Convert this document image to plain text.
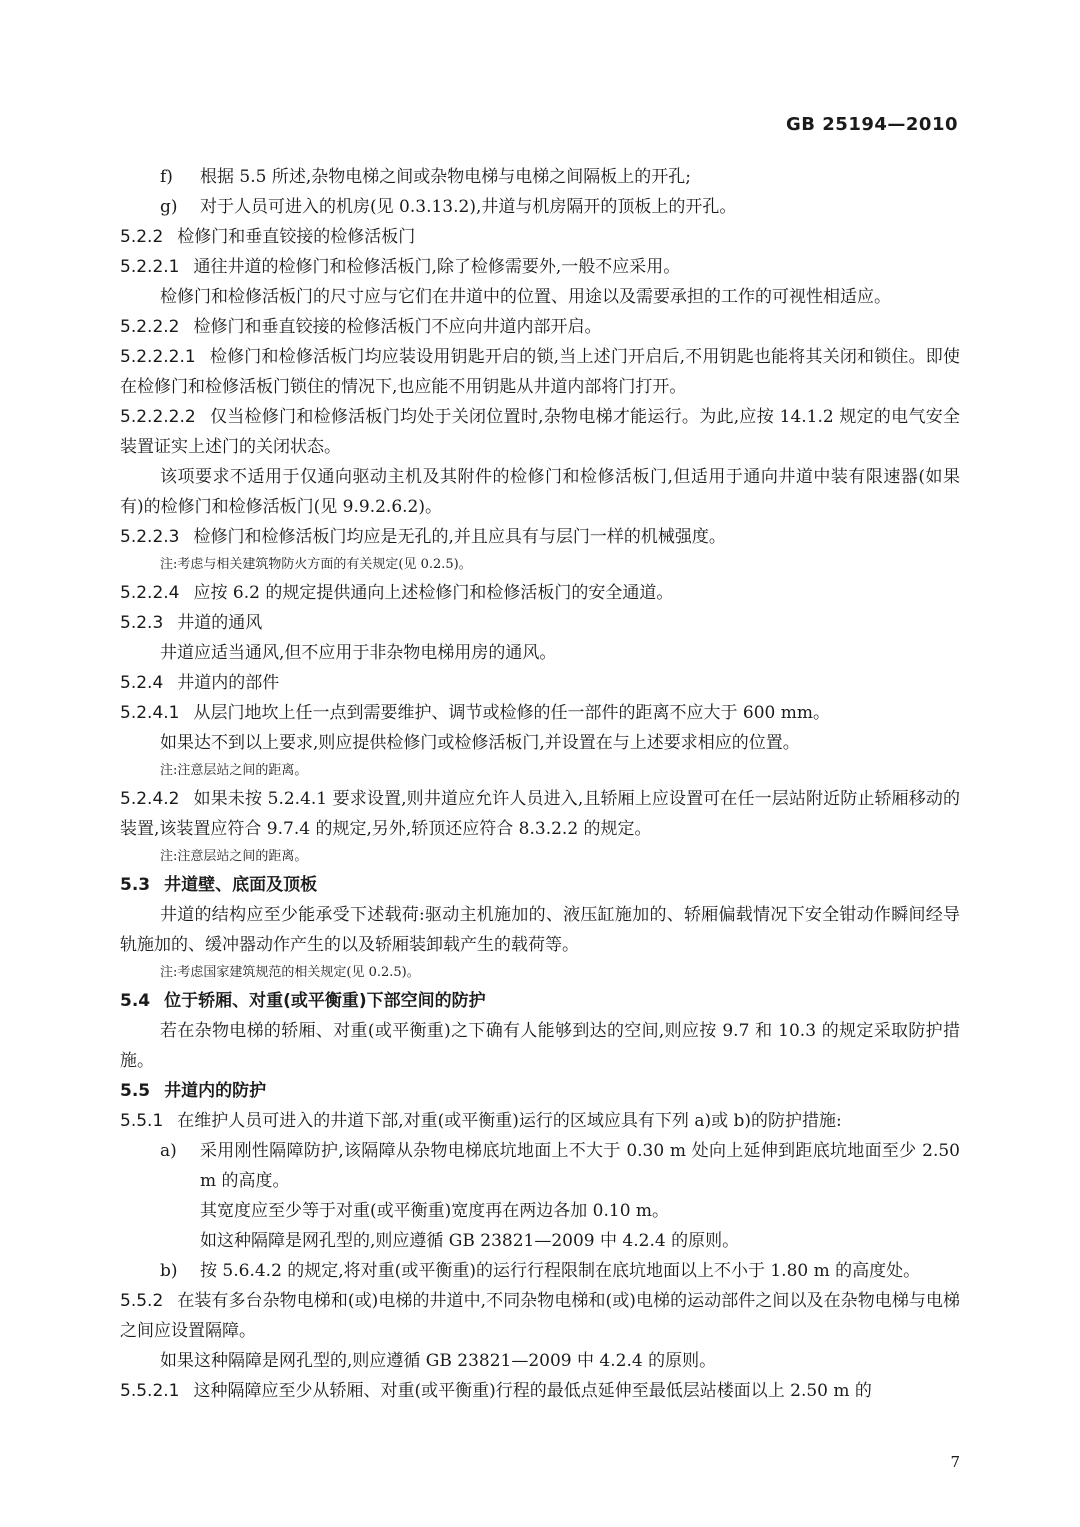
GB 25194—2010
f)	根据 5.5 所述,杂物电梯之间或杂物电梯与电梯之间隔板上的开孔;
g)	对于人员可进入的机房(见 0.3.13.2),井道与机房隔开的顶板上的开孔。
5.2.2 检修门和垂直铰接的检修活板门
5.2.2.1 通往井道的检修门和检修活板门,除了检修需要外,一般不应采用。
检修门和检修活板门的尺寸应与它们在井道中的位置、用途以及需要承担的工作的可视性相适应。
5.2.2.2 检修门和垂直铰接的检修活板门不应向井道内部开启。
5.2.2.2.1 检修门和检修活板门均应装设用钥匙开启的锁,当上述门开启后,不用钥匙也能将其关闭和锁住。即使在检修门和检修活板门锁住的情况下,也应能不用钥匙从井道内部将门打开。
5.2.2.2.2 仅当检修门和检修活板门均处于关闭位置时,杂物电梯才能运行。为此,应按 14.1.2 规定的电气安全装置证实上述门的关闭状态。
该项要求不适用于仅通向驱动主机及其附件的检修门和检修活板门,但适用于通向井道中装有限速器(如果有)的检修门和检修活板门(见 9.9.2.6.2)。
5.2.2.3 检修门和检修活板门均应是无孔的,并且应具有与层门一样的机械强度。
注:考虑与相关建筑物防火方面的有关规定(见 0.2.5)。
5.2.2.4 应按 6.2 的规定提供通向上述检修门和检修活板门的安全通道。
5.2.3 井道的通风
井道应适当通风,但不应用于非杂物电梯用房的通风。
5.2.4 井道内的部件
5.2.4.1 从层门地坎上任一点到需要维护、调节或检修的任一部件的距离不应大于 600 mm。
如果达不到以上要求,则应提供检修门或检修活板门,并设置在与上述要求相应的位置。
注:注意层站之间的距离。
5.2.4.2 如果未按 5.2.4.1 要求设置,则井道应允许人员进入,且轿厢上应设置可在任一层站附近防止轿厢移动的装置,该装置应符合 9.7.4 的规定,另外,轿顶还应符合 8.3.2.2 的规定。
注:注意层站之间的距离。
5.3 井道壁、底面及顶板
井道的结构应至少能承受下述载荷:驱动主机施加的、液压缸施加的、轿厢偏载情况下安全钳动作瞬间经导轨施加的、缓冲器动作产生的以及轿厢装卸载产生的载荷等。
注:考虑国家建筑规范的相关规定(见 0.2.5)。
5.4 位于轿厢、对重(或平衡重)下部空间的防护
若在杂物电梯的轿厢、对重(或平衡重)之下确有人能够到达的空间,则应按 9.7 和 10.3 的规定采取防护措施。
5.5 井道内的防护
5.5.1 在维护人员可进入的井道下部,对重(或平衡重)运行的区域应具有下列 a)或 b)的防护措施:
a)	采用刚性隔障防护,该隔障从杂物电梯底坑地面上不大于 0.30 m 处向上延伸到距底坑地面至少 2.50 m 的高度。
其宽度应至少等于对重(或平衡重)宽度再在两边各加 0.10 m。
如这种隔障是网孔型的,则应遵循 GB 23821—2009 中 4.2.4 的原则。
b)	按 5.6.4.2 的规定,将对重(或平衡重)的运行行程限制在底坑地面以上不小于 1.80 m 的高度处。
5.5.2 在装有多台杂物电梯和(或)电梯的井道中,不同杂物电梯和(或)电梯的运动部件之间以及在杂物电梯与电梯之间应设置隔障。
如果这种隔障是网孔型的,则应遵循 GB 23821—2009 中 4.2.4 的原则。
5.5.2.1 这种隔障应至少从轿厢、对重(或平衡重)行程的最低点延伸至最低层站楼面以上 2.50 m 的
7
